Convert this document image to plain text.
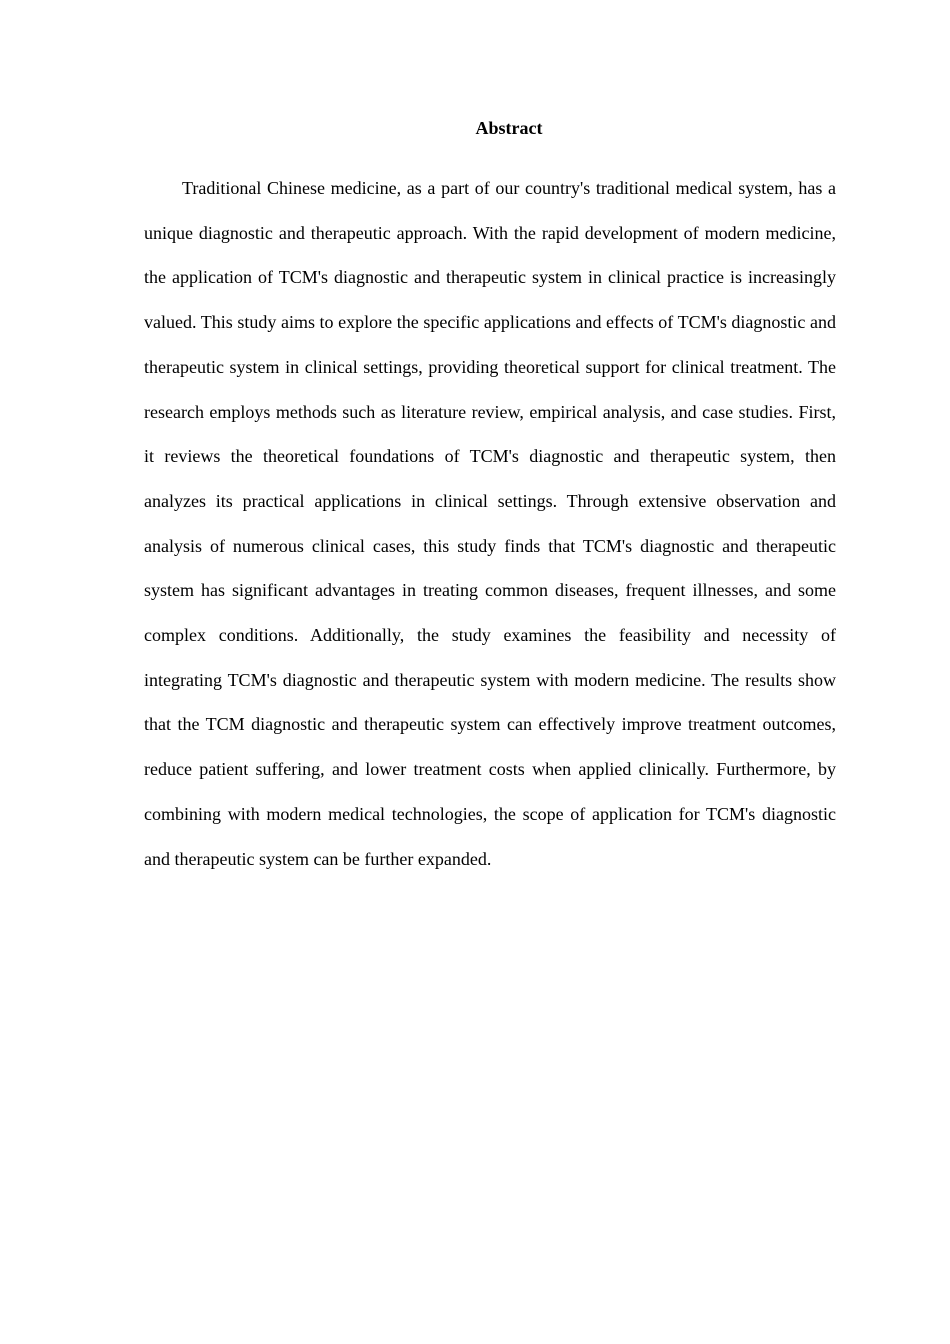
Abstract

Traditional Chinese medicine, as a part of our country's traditional medical system, has a unique diagnostic and therapeutic approach. With the rapid development of modern medicine, the application of TCM's diagnostic and therapeutic system in clinical practice is increasingly valued. This study aims to explore the specific applications and effects of TCM's diagnostic and therapeutic system in clinical settings, providing theoretical support for clinical treatment. The research employs methods such as literature review, empirical analysis, and case studies. First, it reviews the theoretical foundations of TCM's diagnostic and therapeutic system, then analyzes its practical applications in clinical settings. Through extensive observation and analysis of numerous clinical cases, this study finds that TCM's diagnostic and therapeutic system has significant advantages in treating common diseases, frequent illnesses, and some complex conditions. Additionally, the study examines the feasibility and necessity of integrating TCM's diagnostic and therapeutic system with modern medicine. The results show that the TCM diagnostic and therapeutic system can effectively improve treatment outcomes, reduce patient suffering, and lower treatment costs when applied clinically. Furthermore, by combining with modern medical technologies, the scope of application for TCM's diagnostic and therapeutic system can be further expanded.
